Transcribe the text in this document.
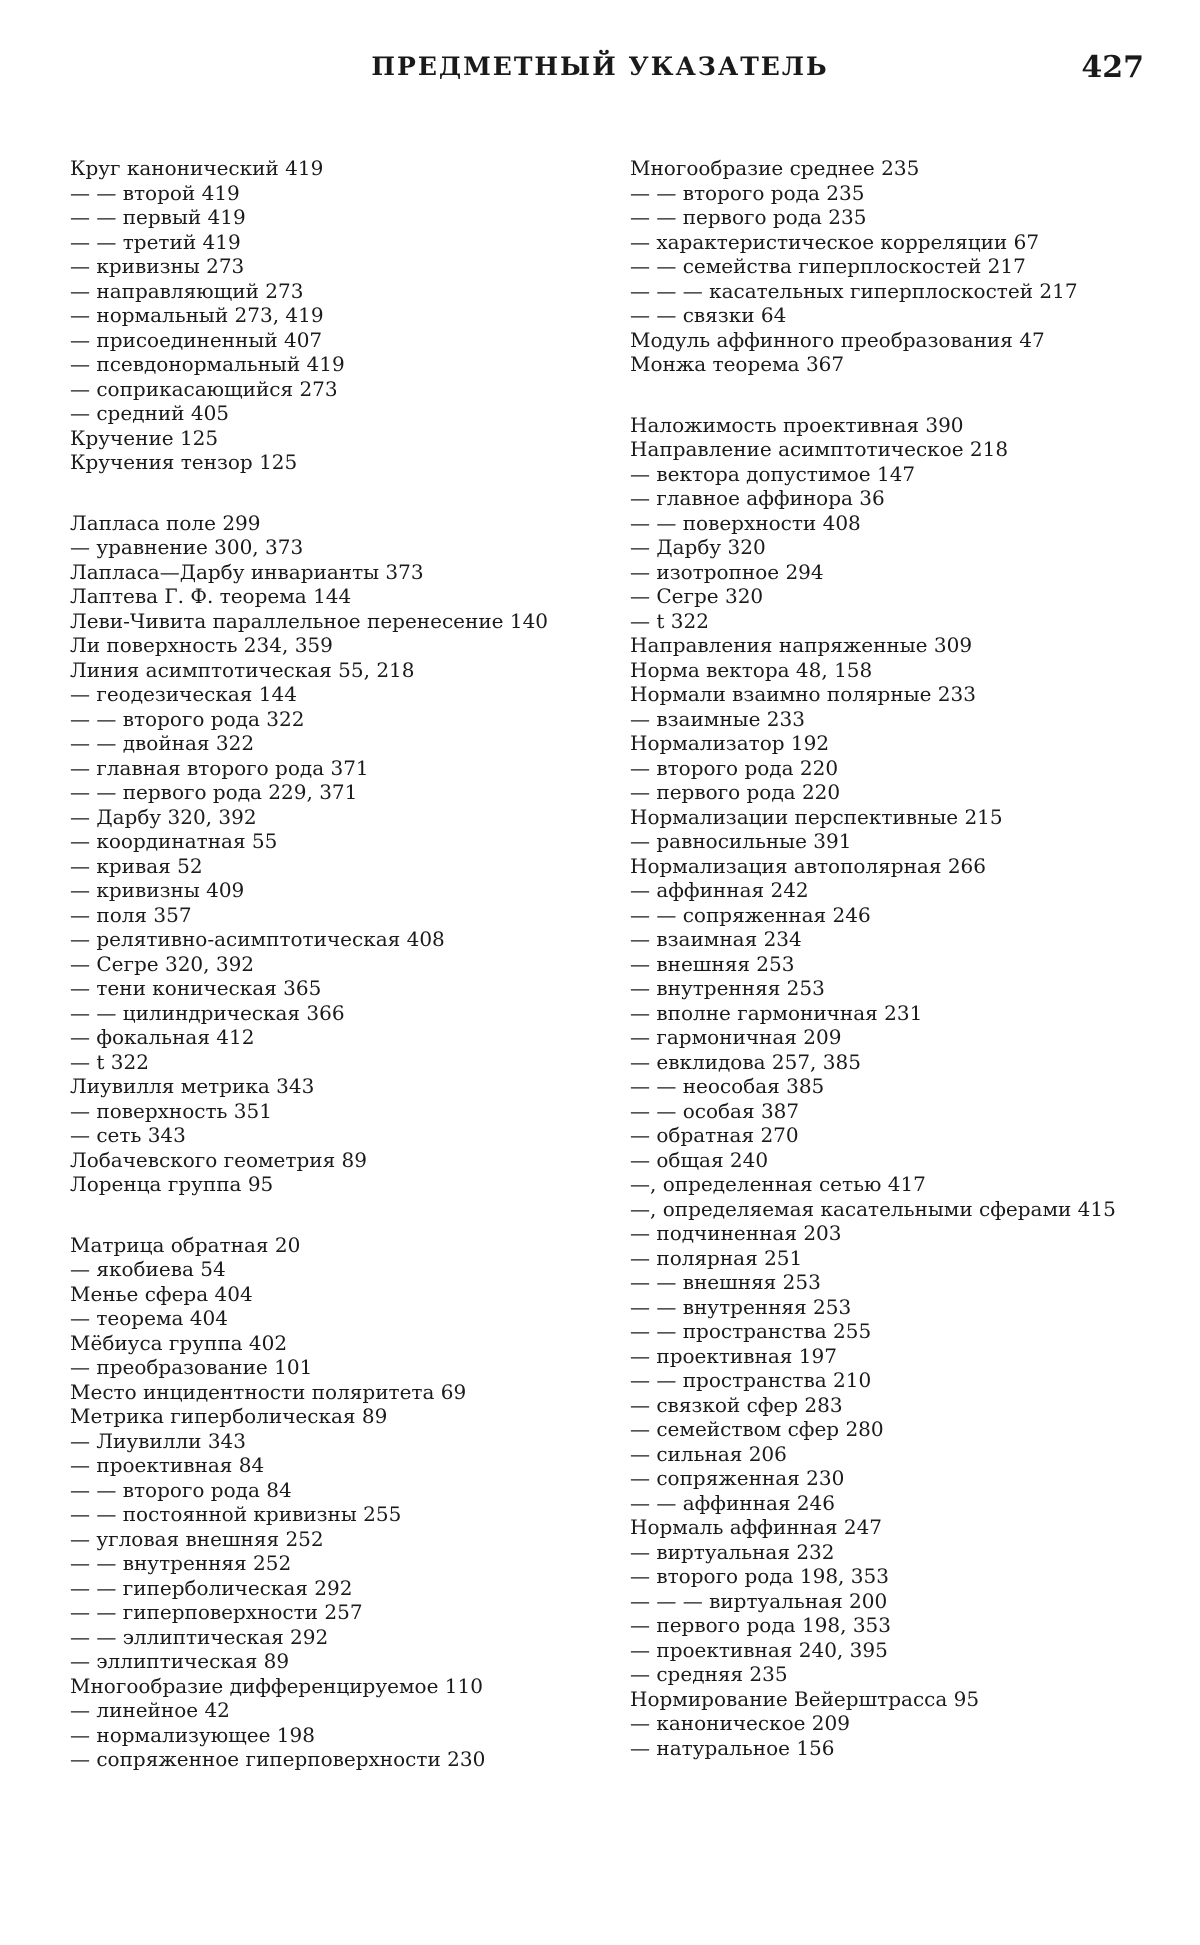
ПРЕДМЕТНЫЙ УКАЗАТЕЛЬ	427
Круг канонический 419
— — второй 419
— — первый 419
— — третий 419
— кривизны 273
— направляющий 273
— нормальный 273, 419
— присоединенный 407
— псевдонормальный 419
— соприкасающийся 273
— средний 405
Кручение 125
Кручения тензор 125
Лапласа поле 299
— уравнение 300, 373
Лапласа—Дарбу инварианты 373
Лаптева Г. Ф. теорема 144
Леви-Чивита параллельное перенесение 140
Ли поверхность 234, 359
Линия асимптотическая 55, 218
— геодезическая 144
— — второго рода 322
— — двойная 322
— главная второго рода 371
— — первого рода 229, 371
— Дарбу 320, 392
— координатная 55
— кривая 52
— кривизны 409
— поля 357
— релятивно-асимптотическая 408
— Сегре 320, 392
— тени коническая 365
— — цилиндрическая 366
— фокальная 412
— t 322
Лиувилля метрика 343
— поверхность 351
— сеть 343
Лобачевского геометрия 89
Лоренца группа 95
Матрица обратная 20
— якобиева 54
Менье сфера 404
— теорема 404
Мёбиуса группа 402
— преобразование 101
Место инцидентности поляритета 69
Метрика гиперболическая 89
— Лиувилли 343
— проективная 84
— — второго рода 84
— — постоянной кривизны 255
— угловая внешняя 252
— — внутренняя 252
— — гиперболическая 292
— — гиперповерхности 257
— — эллиптическая 292
— эллиптическая 89
Многообразие дифференцируемое 110
— линейное 42
— нормализующее 198
— сопряженное гиперповерхности 230
Многообразие среднее 235
— — второго рода 235
— — первого рода 235
— характеристическое корреляции 67
— — семейства гиперплоскостей 217
— — — касательных гиперплоскостей 217
— — связки 64
Модуль аффинного преобразования 47
Монжа теорема 367
Наложимость проективная 390
Направление асимптотическое 218
— вектора допустимое 147
— главное аффинора 36
— — поверхности 408
— Дарбу 320
— изотропное 294
— Сегре 320
— t 322
Направления напряженные 309
Норма вектора 48, 158
Нормали взаимно полярные 233
— взаимные 233
Нормализатор 192
— второго рода 220
— первого рода 220
Нормализации перспективные 215
— равносильные 391
Нормализация автополярная 266
— аффинная 242
— — сопряженная 246
— взаимная 234
— внешняя 253
— внутренняя 253
— вполне гармоничная 231
— гармоничная 209
— евклидова 257, 385
— — неособая 385
— — особая 387
— обратная 270
— общая 240
—, определенная сетью 417
—, определяемая касательными сферами 415
— подчиненная 203
— полярная 251
— — внешняя 253
— — внутренняя 253
— — пространства 255
— проективная 197
— — пространства 210
— связкой сфер 283
— семейством сфер 280
— сильная 206
— сопряженная 230
— — аффинная 246
Нормаль аффинная 247
— виртуальная 232
— второго рода 198, 353
— — — виртуальная 200
— первого рода 198, 353
— проективная 240, 395
— средняя 235
Нормирование Вейерштрасса 95
— каноническое 209
— натуральное 156
